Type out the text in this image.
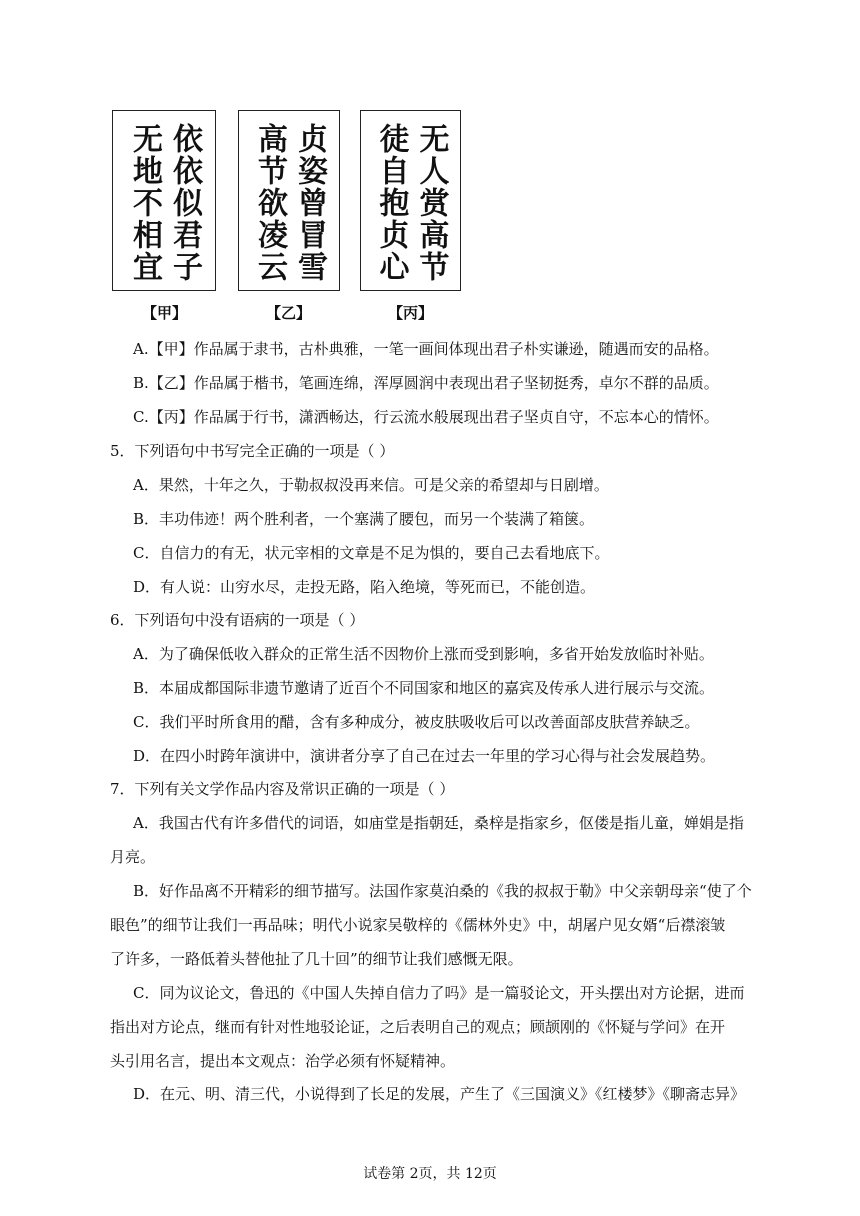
依依似君子
无地不相宜
【甲】
贞姿曾冒雪
高节欲凌云
【乙】
无人赏高节
徒自抱贞心
【丙】
A.【甲】作品属于隶书，古朴典雅，一笔一画间体现出君子朴实谦逊，随遇而安的品格。
B.【乙】作品属于楷书，笔画连绵，浑厚圆润中表现出君子坚韧挺秀，卓尔不群的品质。
C.【丙】作品属于行书，潇洒畅达，行云流水般展现出君子坚贞自守，不忘本心的情怀。
5．下列语句中书写完全正确的一项是（ ）
A．果然，十年之久，于勒叔叔没再来信。可是父亲的希望却与日剧增。
B．丰功伟迹！两个胜利者，一个塞满了腰包，而另一个装满了箱箧。
C．自信力的有无，状元宰相的文章是不足为惧的，要自己去看地底下。
D．有人说：山穷水尽，走投无路，陷入绝境，等死而已，不能创造。
6．下列语句中没有语病的一项是（ ）
A．为了确保低收入群众的正常生活不因物价上涨而受到影响，多省开始发放临时补贴。
B．本届成都国际非遗节邀请了近百个不同国家和地区的嘉宾及传承人进行展示与交流。
C．我们平时所食用的醋，含有多种成分，被皮肤吸收后可以改善面部皮肤营养缺乏。
D．在四小时跨年演讲中，演讲者分享了自己在过去一年里的学习心得与社会发展趋势。
7．下列有关文学作品内容及常识正确的一项是（ ）
A．我国古代有许多借代的词语，如庙堂是指朝廷，桑梓是指家乡，伛偻是指儿童，婵娟是指
月亮。
B．好作品离不开精彩的细节描写。法国作家莫泊桑的《我的叔叔于勒》中父亲朝母亲“使了个
眼色”的细节让我们一再品味；明代小说家吴敬梓的《儒林外史》中，胡屠户见女婿“后襟滚皱
了许多，一路低着头替他扯了几十回”的细节让我们感慨无限。
C．同为议论文，鲁迅的《中国人失掉自信力了吗》是一篇驳论文，开头摆出对方论据，进而
指出对方论点，继而有针对性地驳论证，之后表明自己的观点；顾颉刚的《怀疑与学问》在开
头引用名言，提出本文观点：治学必须有怀疑精神。
D．在元、明、清三代，小说得到了长足的发展，产生了《三国演义》《红楼梦》《聊斋志异》
试卷第 2页，共 12页
